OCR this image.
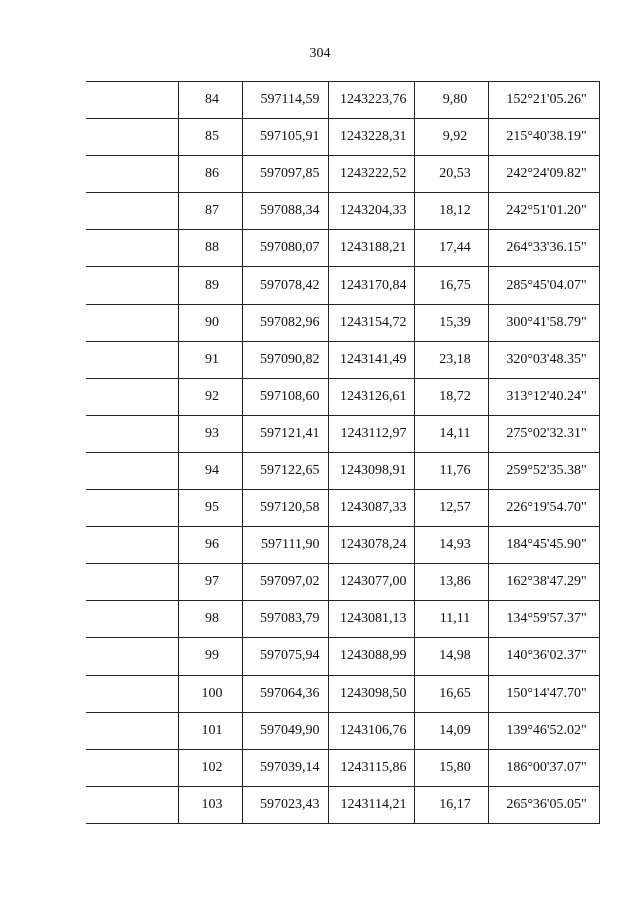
304
	84	597114,59	1243223,76	9,80	152°21'05.26"
	85	597105,91	1243228,31	9,92	215°40'38.19"
	86	597097,85	1243222,52	20,53	242°24'09.82"
	87	597088,34	1243204,33	18,12	242°51'01.20"
	88	597080,07	1243188,21	17,44	264°33'36.15"
	89	597078,42	1243170,84	16,75	285°45'04.07"
	90	597082,96	1243154,72	15,39	300°41'58.79"
	91	597090,82	1243141,49	23,18	320°03'48.35"
	92	597108,60	1243126,61	18,72	313°12'40.24"
	93	597121,41	1243112,97	14,11	275°02'32.31"
	94	597122,65	1243098,91	11,76	259°52'35.38"
	95	597120,58	1243087,33	12,57	226°19'54.70"
	96	597111,90	1243078,24	14,93	184°45'45.90"
	97	597097,02	1243077,00	13,86	162°38'47.29"
	98	597083,79	1243081,13	11,11	134°59'57.37"
	99	597075,94	1243088,99	14,98	140°36'02.37"
	100	597064,36	1243098,50	16,65	150°14'47.70"
	101	597049,90	1243106,76	14,09	139°46'52.02"
	102	597039,14	1243115,86	15,80	186°00'37.07"
	103	597023,43	1243114,21	16,17	265°36'05.05"
